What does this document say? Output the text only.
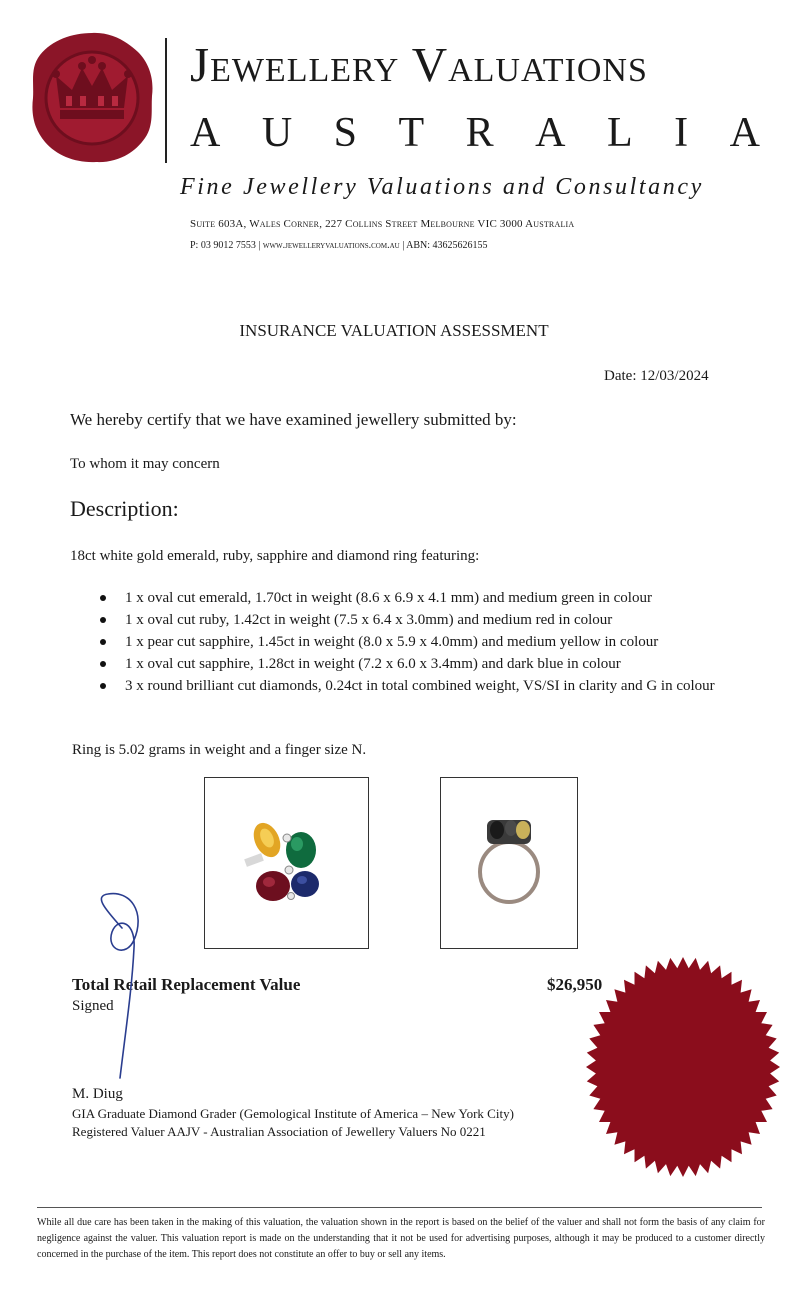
Jewellery Valuations
A U S T R A L I A
Fine Jewellery Valuations and Consultancy
Suite 603A, Wales Corner, 227 Collins Street Melbourne VIC 3000 Australia
P: 03 9012 7553 | www.jewelleryvaluations.com.au | ABN: 43625626155
INSURANCE VALUATION ASSESSMENT
Date: 12/03/2024
We hereby certify that we have examined jewellery submitted by:
To whom it may concern
Description:
18ct white gold emerald, ruby, sapphire and diamond ring featuring:
1 x oval cut emerald, 1.70ct in weight (8.6 x 6.9 x 4.1 mm) and medium green in colour
1 x oval cut ruby, 1.42ct in weight (7.5 x 6.4 x 3.0mm) and medium red in colour
1 x pear cut sapphire, 1.45ct in weight (8.0 x 5.9 x 4.0mm) and medium yellow in colour
1 x oval cut sapphire, 1.28ct in weight (7.2 x 6.0 x 3.4mm) and dark blue in colour
3 x round brilliant cut diamonds, 0.24ct in total combined weight, VS/SI in clarity and G in colour
Ring is 5.02 grams in weight and a finger size N.
Total Retail Replacement Value	$26,950
Signed
M. Diug
GIA Graduate Diamond Grader (Gemological Institute of America – New York City)
Registered Valuer AAJV - Australian Association of Jewellery Valuers No 0221
While all due care has been taken in the making of this valuation, the valuation shown in the report is based on the belief of the valuer and shall not form the basis of any claim for negligence against the valuer. This valuation report is made on the understanding that it not be used for advertising purposes, although it may be produced to a customer directly concerned in the purchase of the item. This report does not constitute an offer to buy or sell any items.
